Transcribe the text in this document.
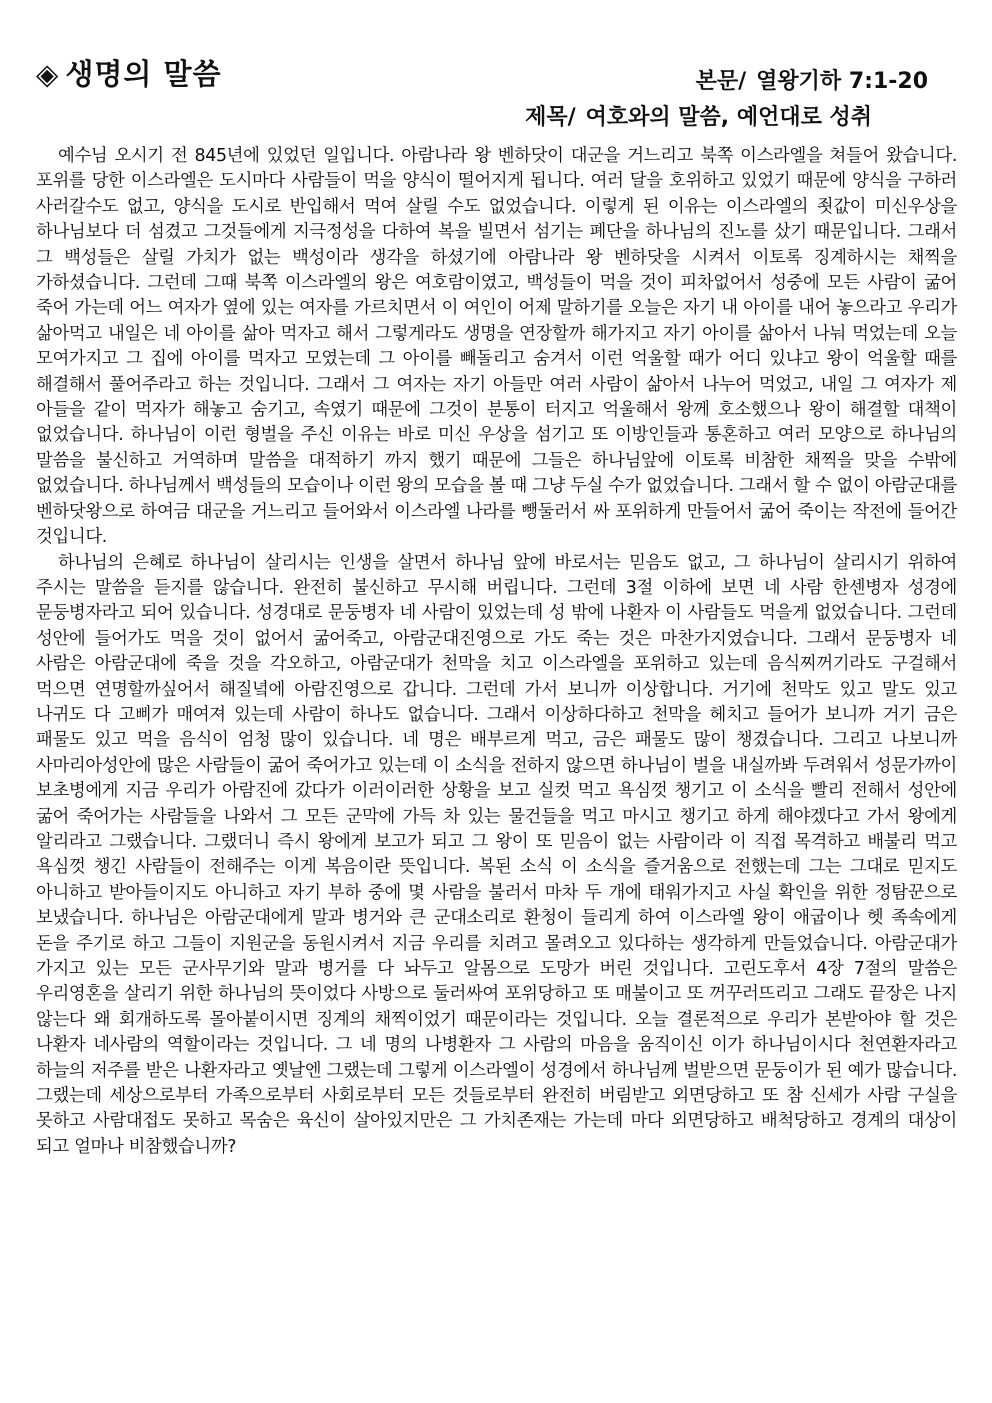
◈ 생명의 말씀	본문/ 열왕기하 7:1-20
제목/ 여호와의 말씀, 예언대로 성취

예수님 오시기 전 845년에 있었던 일입니다. 아람나라 왕 벤하닷이 대군을 거느리고 북쪽 이스라엘을 쳐들어 왔습니다. 포위를 당한 이스라엘은 도시마다 사람들이 먹을 양식이 떨어지게 됩니다. 여러 달을 호위하고 있었기 때문에 양식을 구하러 사러갈수도 없고, 양식을 도시로 반입해서 먹여 살릴 수도 없었습니다. 이렇게 된 이유는 이스라엘의 죗값이 미신우상을 하나님보다 더 섬겼고 그것들에게 지극정성을 다하여 복을 빌면서 섬기는 폐단을 하나님의 진노를 샀기 때문입니다. 그래서 그 백성들은 살릴 가치가 없는 백성이라 생각을 하셨기에 아람나라 왕 벤하닷을 시켜서 이토록 징계하시는 채찍을 가하셨습니다. 그런데 그때 북쪽 이스라엘의 왕은 여호람이였고, 백성들이 먹을 것이 피차없어서 성중에 모든 사람이 굶어 죽어 가는데 어느 여자가 옆에 있는 여자를 가르치면서 이 여인이 어제 말하기를 오늘은 자기 내 아이를 내어 놓으라고 우리가 삶아먹고 내일은 네 아이를 삶아 먹자고 해서 그렇게라도 생명을 연장할까 해가지고 자기 아이를 삶아서 나눠 먹었는데 오늘 모여가지고 그 집에 아이를 먹자고 모였는데 그 아이를 빼돌리고 숨겨서 이런 억울할 때가 어디 있냐고 왕이 억울할 때를 해결해서 풀어주라고 하는 것입니다. 그래서 그 여자는 자기 아들만 여러 사람이 삶아서 나누어 먹었고, 내일 그 여자가 제 아들을 같이 먹자가 해놓고 숨기고, 속였기 때문에 그것이 분통이 터지고 억울해서 왕께 호소했으나 왕이 해결할 대책이 없었습니다. 하나님이 이런 형벌을 주신 이유는 바로 미신 우상을 섬기고 또 이방인들과 통혼하고 여러 모양으로 하나님의 말씀을 불신하고 거역하며 말씀을 대적하기 까지 했기 때문에 그들은 하나님앞에 이토록 비참한 채찍을 맞을 수밖에 없었습니다. 하나님께서 백성들의 모습이나 이런 왕의 모습을 볼 때 그냥 두실 수가 없었습니다. 그래서 할 수 없이 아람군대를 벤하닷왕으로 하여금 대군을 거느리고 들어와서 이스라엘 나라를 뺑둘러서 싸 포위하게 만들어서 굶어 죽이는 작전에 들어간 것입니다.

하나님의 은혜로 하나님이 살리시는 인생을 살면서 하나님 앞에 바로서는 믿음도 없고, 그 하나님이 살리시기 위하여 주시는 말씀을 듣지를 않습니다. 완전히 불신하고 무시해 버립니다. 그런데 3절 이하에 보면 네 사람 한센병자 성경에 문둥병자라고 되어 있습니다. 성경대로 문둥병자 네 사람이 있었는데 성 밖에 나환자 이 사람들도 먹을게 없었습니다. 그런데 성안에 들어가도 먹을 것이 없어서 굶어죽고, 아람군대진영으로 가도 죽는 것은 마찬가지였습니다. 그래서 문둥병자 네 사람은 아람군대에 죽을 것을 각오하고, 아람군대가 천막을 치고 이스라엘을 포위하고 있는데 음식찌꺼기라도 구걸해서 먹으면 연명할까싶어서 해질녘에 아람진영으로 갑니다. 그런데 가서 보니까 이상합니다. 거기에 천막도 있고 말도 있고 나귀도 다 고삐가 매여져 있는데 사람이 하나도 없습니다. 그래서 이상하다하고 천막을 헤치고 들어가 보니까 거기 금은 패물도 있고 먹을 음식이 엄청 많이 있습니다. 네 명은 배부르게 먹고, 금은 패물도 많이 챙겼습니다. 그리고 나보니까 사마리아성안에 많은 사람들이 굶어 죽어가고 있는데 이 소식을 전하지 않으면 하나님이 벌을 내실까봐 두려워서 성문가까이 보초병에게 지금 우리가 아람진에 갔다가 이러이러한 상황을 보고 실컷 먹고 욕심껏 챙기고 이 소식을 빨리 전해서 성안에 굶어 죽어가는 사람들을 나와서 그 모든 군막에 가득 차 있는 물건들을 먹고 마시고 챙기고 하게 해야겠다고 가서 왕에게 알리라고 그랬습니다. 그랬더니 즉시 왕에게 보고가 되고 그 왕이 또 믿음이 없는 사람이라 이 직접 목격하고 배불리 먹고 욕심껏 챙긴 사람들이 전해주는 이게 복음이란 뜻입니다. 복된 소식 이 소식을 즐거움으로 전했는데 그는 그대로 믿지도 아니하고 받아들이지도 아니하고 자기 부하 중에 몇 사람을 불러서 마차 두 개에 태워가지고 사실 확인을 위한 정탐꾼으로 보냈습니다. 하나님은 아람군대에게 말과 병거와 큰 군대소리로 환청이 들리게 하여 이스라엘 왕이 애굽이나 헷 족속에게 돈을 주기로 하고 그들이 지원군을 동원시켜서 지금 우리를 치려고 몰려오고 있다하는 생각하게 만들었습니다. 아람군대가 가지고 있는 모든 군사무기와 말과 병거를 다 놔두고 알몸으로 도망가 버린 것입니다. 고린도후서 4장 7절의 말씀은 우리영혼을 살리기 위한 하나님의 뜻이었다 사방으로 둘러싸여 포위당하고 또 매불이고 또 꺼꾸러뜨리고 그래도 끝장은 나지 않는다 왜 회개하도록 몰아붙이시면 징계의 채찍이었기 때문이라는 것입니다. 오늘 결론적으로 우리가 본받아야 할 것은 나환자 네사람의 역할이라는 것입니다. 그 네 명의 나병환자 그 사람의 마음을 움직이신 이가 하나님이시다 천연환자라고 하늘의 저주를 받은 나환자라고 옛날엔 그랬는데 그렇게 이스라엘이 성경에서 하나님께 벌받으면 문둥이가 된 예가 많습니다. 그랬는데 세상으로부터 가족으로부터 사회로부터 모든 것들로부터 완전히 버림받고 외면당하고 또 참 신세가 사람 구실을 못하고 사람대접도 못하고 목숨은 육신이 살아있지만은 그 가치존재는 가는데 마다 외면당하고 배척당하고 경계의 대상이 되고 얼마나 비참했습니까?
